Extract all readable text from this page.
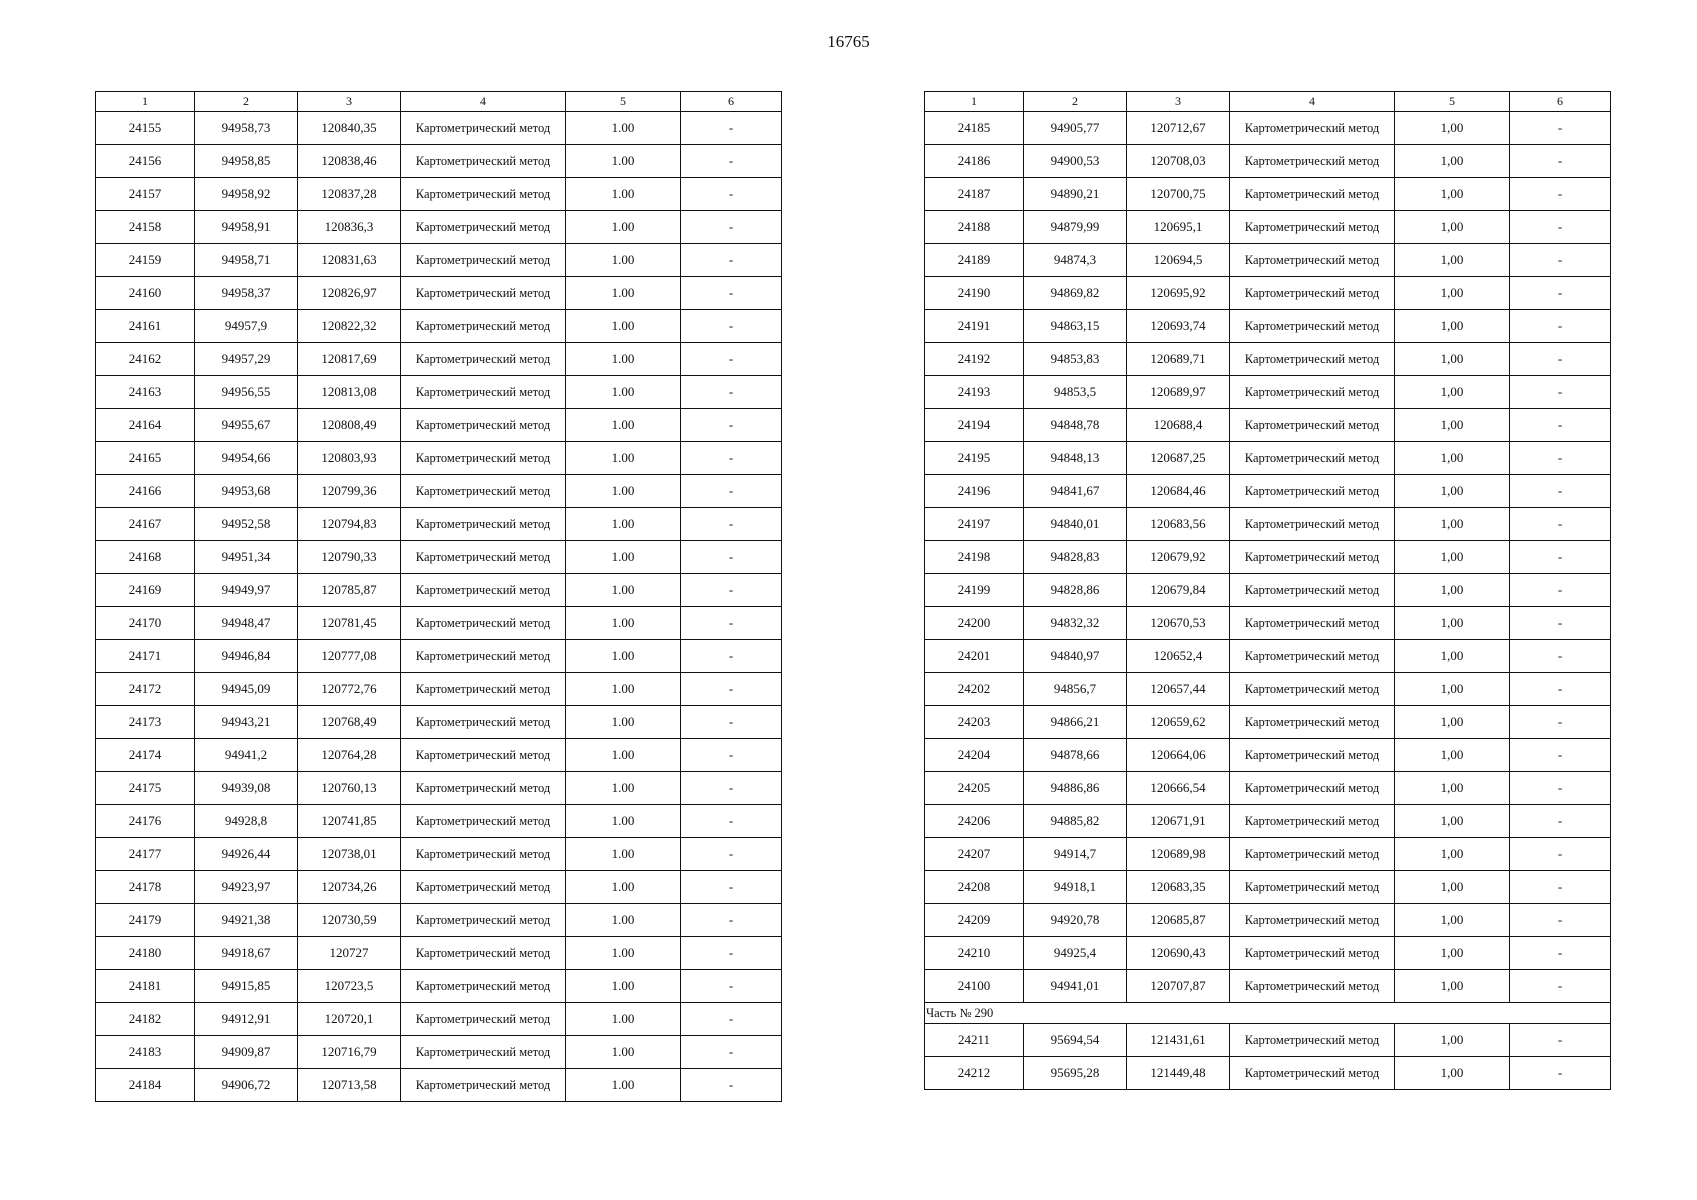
16765
1	2	3	4	5	6
24155	94958,73	120840,35	Картометрический метод	1.00	-
24156	94958,85	120838,46	Картометрический метод	1.00	-
24157	94958,92	120837,28	Картометрический метод	1.00	-
24158	94958,91	120836,3	Картометрический метод	1.00	-
24159	94958,71	120831,63	Картометрический метод	1.00	-
24160	94958,37	120826,97	Картометрический метод	1.00	-
24161	94957,9	120822,32	Картометрический метод	1.00	-
24162	94957,29	120817,69	Картометрический метод	1.00	-
24163	94956,55	120813,08	Картометрический метод	1.00	-
24164	94955,67	120808,49	Картометрический метод	1.00	-
24165	94954,66	120803,93	Картометрический метод	1.00	-
24166	94953,68	120799,36	Картометрический метод	1.00	-
24167	94952,58	120794,83	Картометрический метод	1.00	-
24168	94951,34	120790,33	Картометрический метод	1.00	-
24169	94949,97	120785,87	Картометрический метод	1.00	-
24170	94948,47	120781,45	Картометрический метод	1.00	-
24171	94946,84	120777,08	Картометрический метод	1.00	-
24172	94945,09	120772,76	Картометрический метод	1.00	-
24173	94943,21	120768,49	Картометрический метод	1.00	-
24174	94941,2	120764,28	Картометрический метод	1.00	-
24175	94939,08	120760,13	Картометрический метод	1.00	-
24176	94928,8	120741,85	Картометрический метод	1.00	-
24177	94926,44	120738,01	Картометрический метод	1.00	-
24178	94923,97	120734,26	Картометрический метод	1.00	-
24179	94921,38	120730,59	Картометрический метод	1.00	-
24180	94918,67	120727	Картометрический метод	1.00	-
24181	94915,85	120723,5	Картометрический метод	1.00	-
24182	94912,91	120720,1	Картометрический метод	1.00	-
24183	94909,87	120716,79	Картометрический метод	1.00	-
24184	94906,72	120713,58	Картометрический метод	1.00	-
1	2	3	4	5	6
24185	94905,77	120712,67	Картометрический метод	1,00	-
24186	94900,53	120708,03	Картометрический метод	1,00	-
24187	94890,21	120700,75	Картометрический метод	1,00	-
24188	94879,99	120695,1	Картометрический метод	1,00	-
24189	94874,3	120694,5	Картометрический метод	1,00	-
24190	94869,82	120695,92	Картометрический метод	1,00	-
24191	94863,15	120693,74	Картометрический метод	1,00	-
24192	94853,83	120689,71	Картометрический метод	1,00	-
24193	94853,5	120689,97	Картометрический метод	1,00	-
24194	94848,78	120688,4	Картометрический метод	1,00	-
24195	94848,13	120687,25	Картометрический метод	1,00	-
24196	94841,67	120684,46	Картометрический метод	1,00	-
24197	94840,01	120683,56	Картометрический метод	1,00	-
24198	94828,83	120679,92	Картометрический метод	1,00	-
24199	94828,86	120679,84	Картометрический метод	1,00	-
24200	94832,32	120670,53	Картометрический метод	1,00	-
24201	94840,97	120652,4	Картометрический метод	1,00	-
24202	94856,7	120657,44	Картометрический метод	1,00	-
24203	94866,21	120659,62	Картометрический метод	1,00	-
24204	94878,66	120664,06	Картометрический метод	1,00	-
24205	94886,86	120666,54	Картометрический метод	1,00	-
24206	94885,82	120671,91	Картометрический метод	1,00	-
24207	94914,7	120689,98	Картометрический метод	1,00	-
24208	94918,1	120683,35	Картометрический метод	1,00	-
24209	94920,78	120685,87	Картометрический метод	1,00	-
24210	94925,4	120690,43	Картометрический метод	1,00	-
24100	94941,01	120707,87	Картометрический метод	1,00	-
Часть № 290					
24211	95694,54	121431,61	Картометрический метод	1,00	-
24212	95695,28	121449,48	Картометрический метод	1,00	-
